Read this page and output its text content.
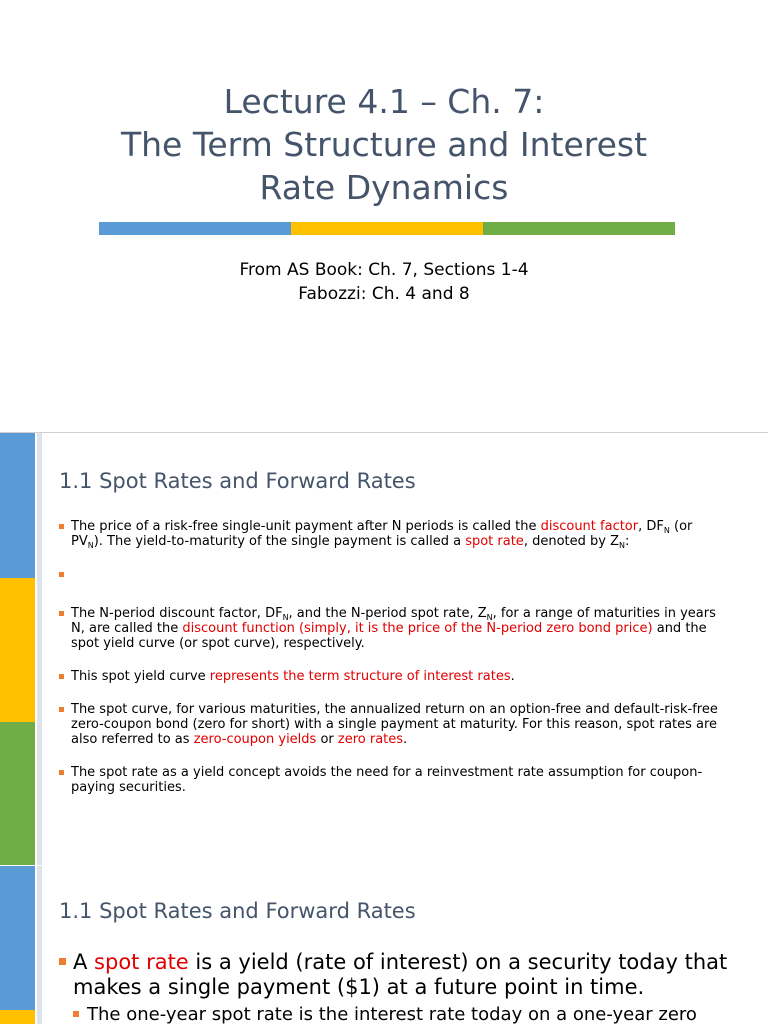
Lecture 4.1 – Ch. 7:
The Term Structure and Interest
Rate Dynamics
From AS Book: Ch. 7, Sections 1-4
Fabozzi: Ch. 4 and 8
1.1 Spot Rates and Forward Rates
The price of a risk-free single-unit payment after N periods is called the discount factor, $DF_N$ (or $PV_N$). The yield-to-maturity of the single payment is called a spot rate, denoted by $Z_N$:

The N-period discount factor, $DF_N$, and the N-period spot rate, $Z_N$, for a range of maturities in years N, are called the discount function (simply, it is the price of the N-period zero bond price) and the spot yield curve (or spot curve), respectively.
This spot yield curve represents the term structure of interest rates.
The spot curve, for various maturities, the annualized return on an option-free and default-risk-free zero-coupon bond (zero for short) with a single payment at maturity. For this reason, spot rates are also referred to as zero-coupon yields or zero rates.
The spot rate as a yield concept avoids the need for a reinvestment rate assumption for coupon-paying securities.
1.1 Spot Rates and Forward Rates
A spot rate is a yield (rate of interest) on a security today that makes a single payment ($1) at a future point in time.
The one-year spot rate is the interest rate today on a one-year zero
